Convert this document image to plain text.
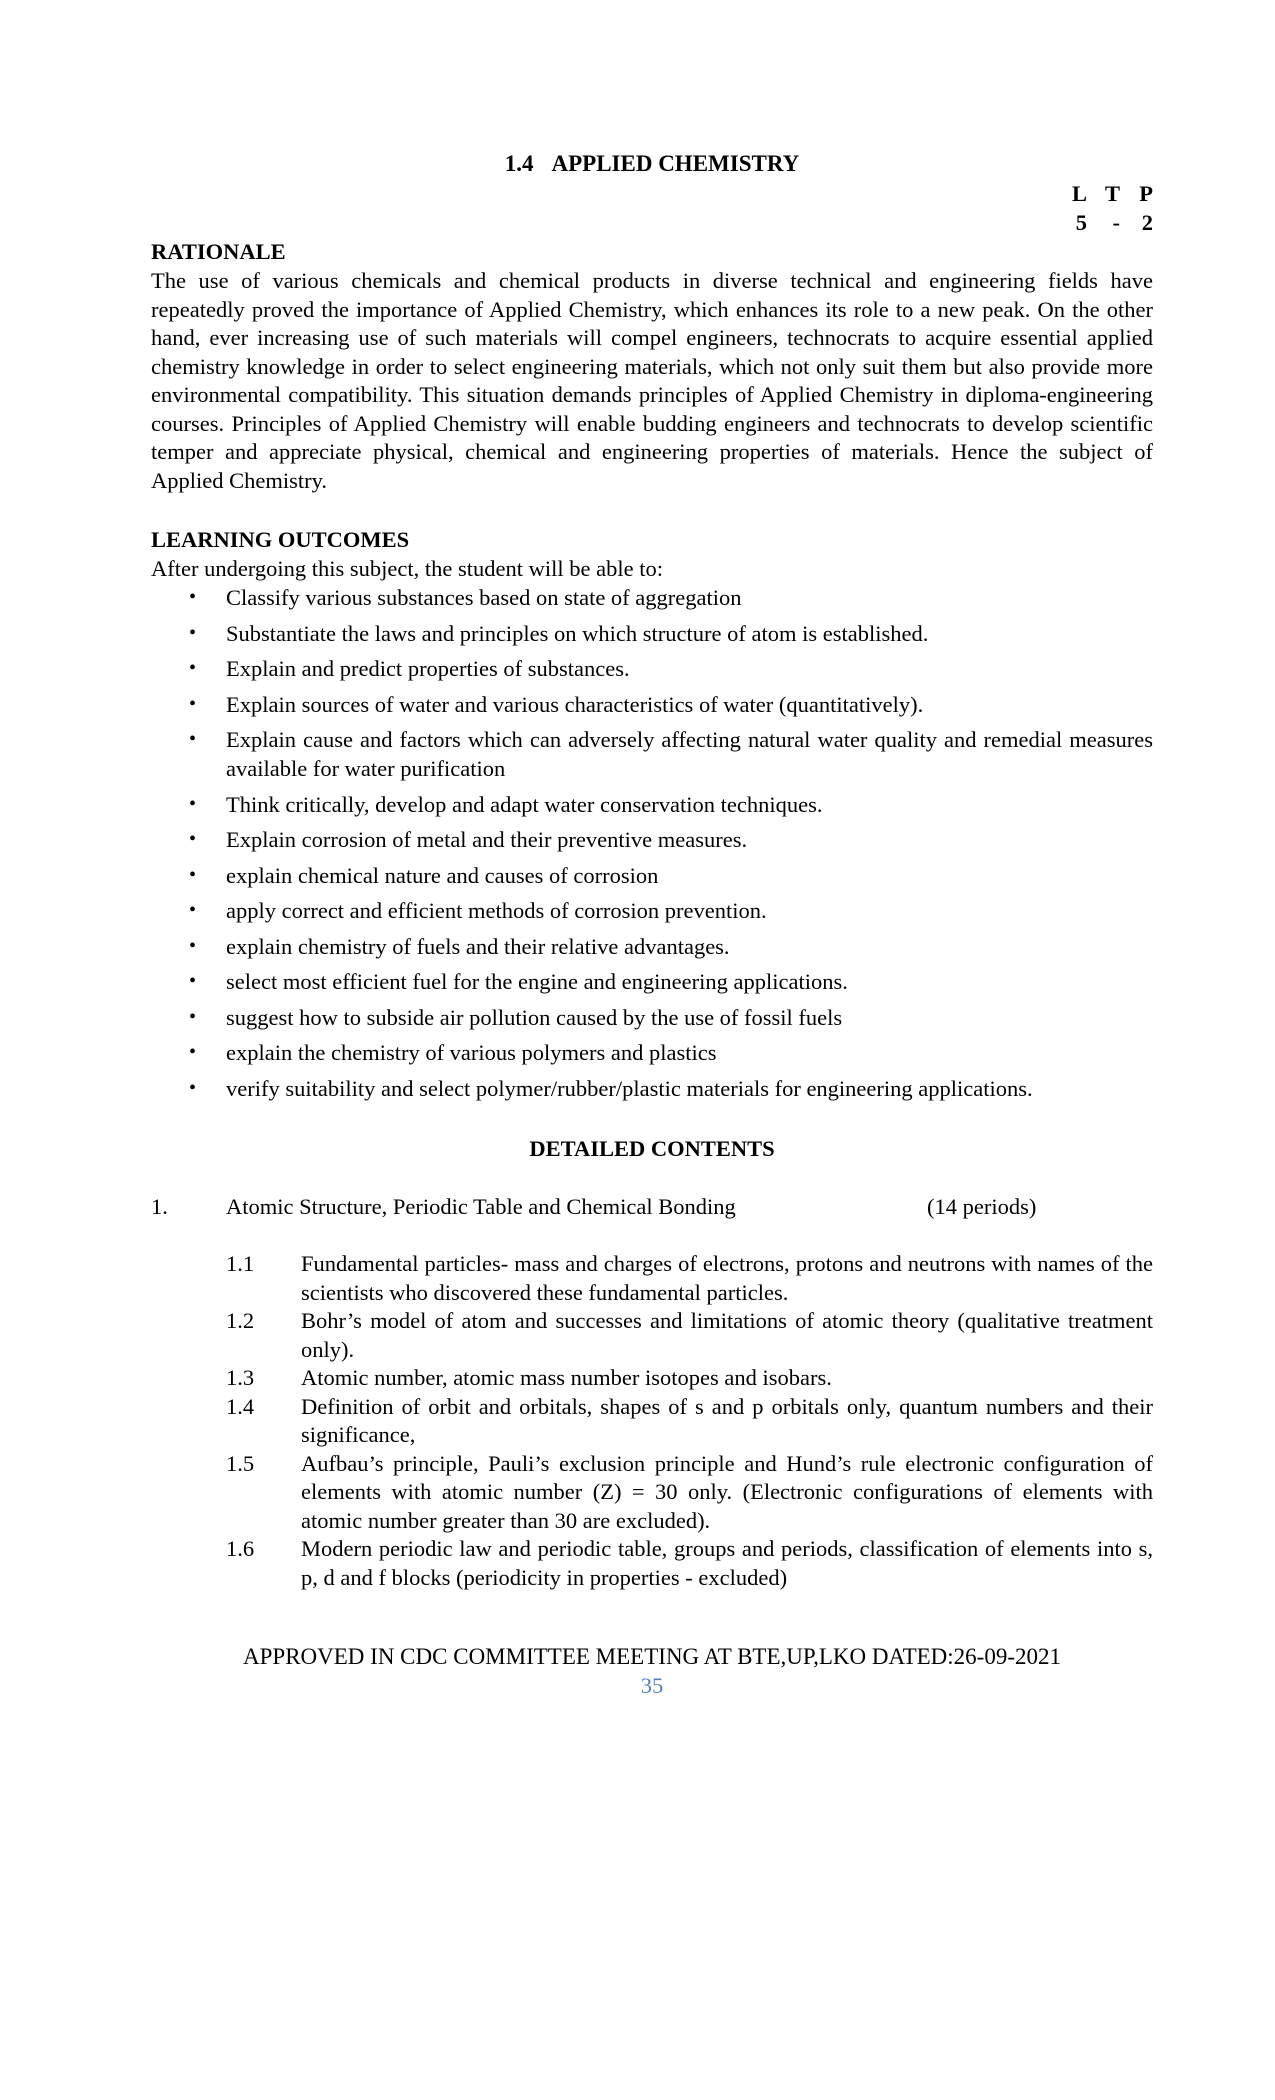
1.4 APPLIED CHEMISTRY
L T P
5	- 2
RATIONALE
The use of various chemicals and chemical products in diverse technical and engineering fields have repeatedly proved the importance of Applied Chemistry, which enhances its role to a new peak. On the other hand, ever increasing use of such materials will compel engineers, technocrats to acquire essential applied chemistry knowledge in order to select engineering materials, which not only suit them but also provide more environmental compatibility. This situation demands principles of Applied Chemistry in diploma-engineering courses. Principles of Applied Chemistry will enable budding engineers and technocrats to develop scientific temper and appreciate physical, chemical and engineering properties of materials. Hence the subject of Applied Chemistry.
LEARNING OUTCOMES
After undergoing this subject, the student will be able to:
• Classify various substances based on state of aggregation
• Substantiate the laws and principles on which structure of atom is established.
• Explain and predict properties of substances.
• Explain sources of water and various characteristics of water (quantitatively).
• Explain cause and factors which can adversely affecting natural water quality and remedial measures available for water purification
• Think critically, develop and adapt water conservation techniques.
• Explain corrosion of metal and their preventive measures.
• explain chemical nature and causes of corrosion
• apply correct and efficient methods of corrosion prevention.
• explain chemistry of fuels and their relative advantages.
• select most efficient fuel for the engine and engineering applications.
• suggest how to subside air pollution caused by the use of fossil fuels
• explain the chemistry of various polymers and plastics
• verify suitability and select polymer/rubber/plastic materials for engineering applications.
DETAILED CONTENTS
1.	Atomic Structure, Periodic Table and Chemical Bonding	(14 periods)
1.1	Fundamental particles- mass and charges of electrons, protons and neutrons with names of the scientists who discovered these fundamental particles.
1.2	Bohr’s model of atom and successes and limitations of atomic theory (qualitative treatment only).
1.3	Atomic number, atomic mass number isotopes and isobars.
1.4	Definition of orbit and orbitals, shapes of s and p orbitals only, quantum numbers and their significance,
1.5	Aufbau’s principle, Pauli’s exclusion principle and Hund’s rule electronic configuration of elements with atomic number (Z) = 30 only. (Electronic configurations of elements with atomic number greater than 30 are excluded).
1.6	Modern periodic law and periodic table, groups and periods, classification of elements into s, p, d and f blocks (periodicity in properties - excluded)
APPROVED IN CDC COMMITTEE MEETING AT BTE,UP,LKO DATED:26-09-2021
35
